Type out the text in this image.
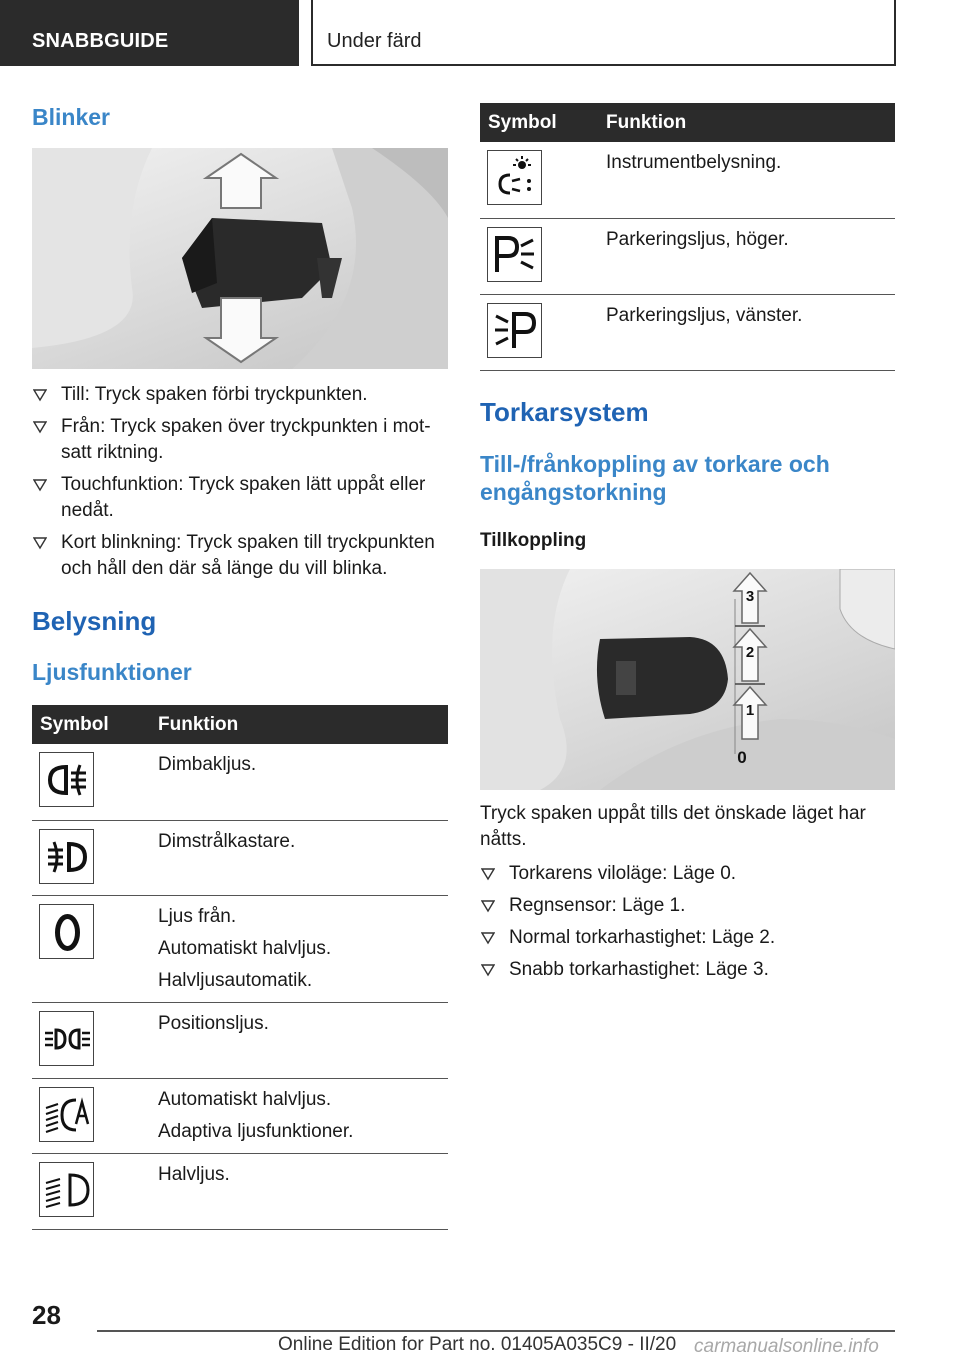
SNABBGUIDE	Under färd
Blinker
Till: Tryck spaken förbi tryckpunkten.
Från: Tryck spaken över tryckpunkten i mot-satt riktning.
Touchfunktion: Tryck spaken lätt uppåt eller nedåt.
Kort blinkning: Tryck spaken till tryckpunkten och håll den där så länge du vill blinka.
Belysning
Ljusfunktioner
Symbol	Funktion

Dimbakljus.

Dimstrålkastare.

Ljus från.
Automatiskt halvljus.
Halvljusautomatik.

Positionsljus.

Automatiskt halvljus.
Adaptiva ljusfunktioner.

Halvljus.
Symbol	Funktion

Instrumentbelysning.

Parkeringsljus, höger.

Parkeringsljus, vänster.
Torkarsystem
Till-/frånkoppling av torkare och engångstorkning
Tillkoppling
3
2
1
0

Tryck spaken uppåt tills det önskade läget har nåtts.

Torkarens viloläge: Läge 0.
Regnsensor: Läge 1.
Normal torkarhastighet: Läge 2.
Snabb torkarhastighet: Läge 3.
28
Online Edition for Part no. 01405A035C9 - II/20 carmanualsonline.info
